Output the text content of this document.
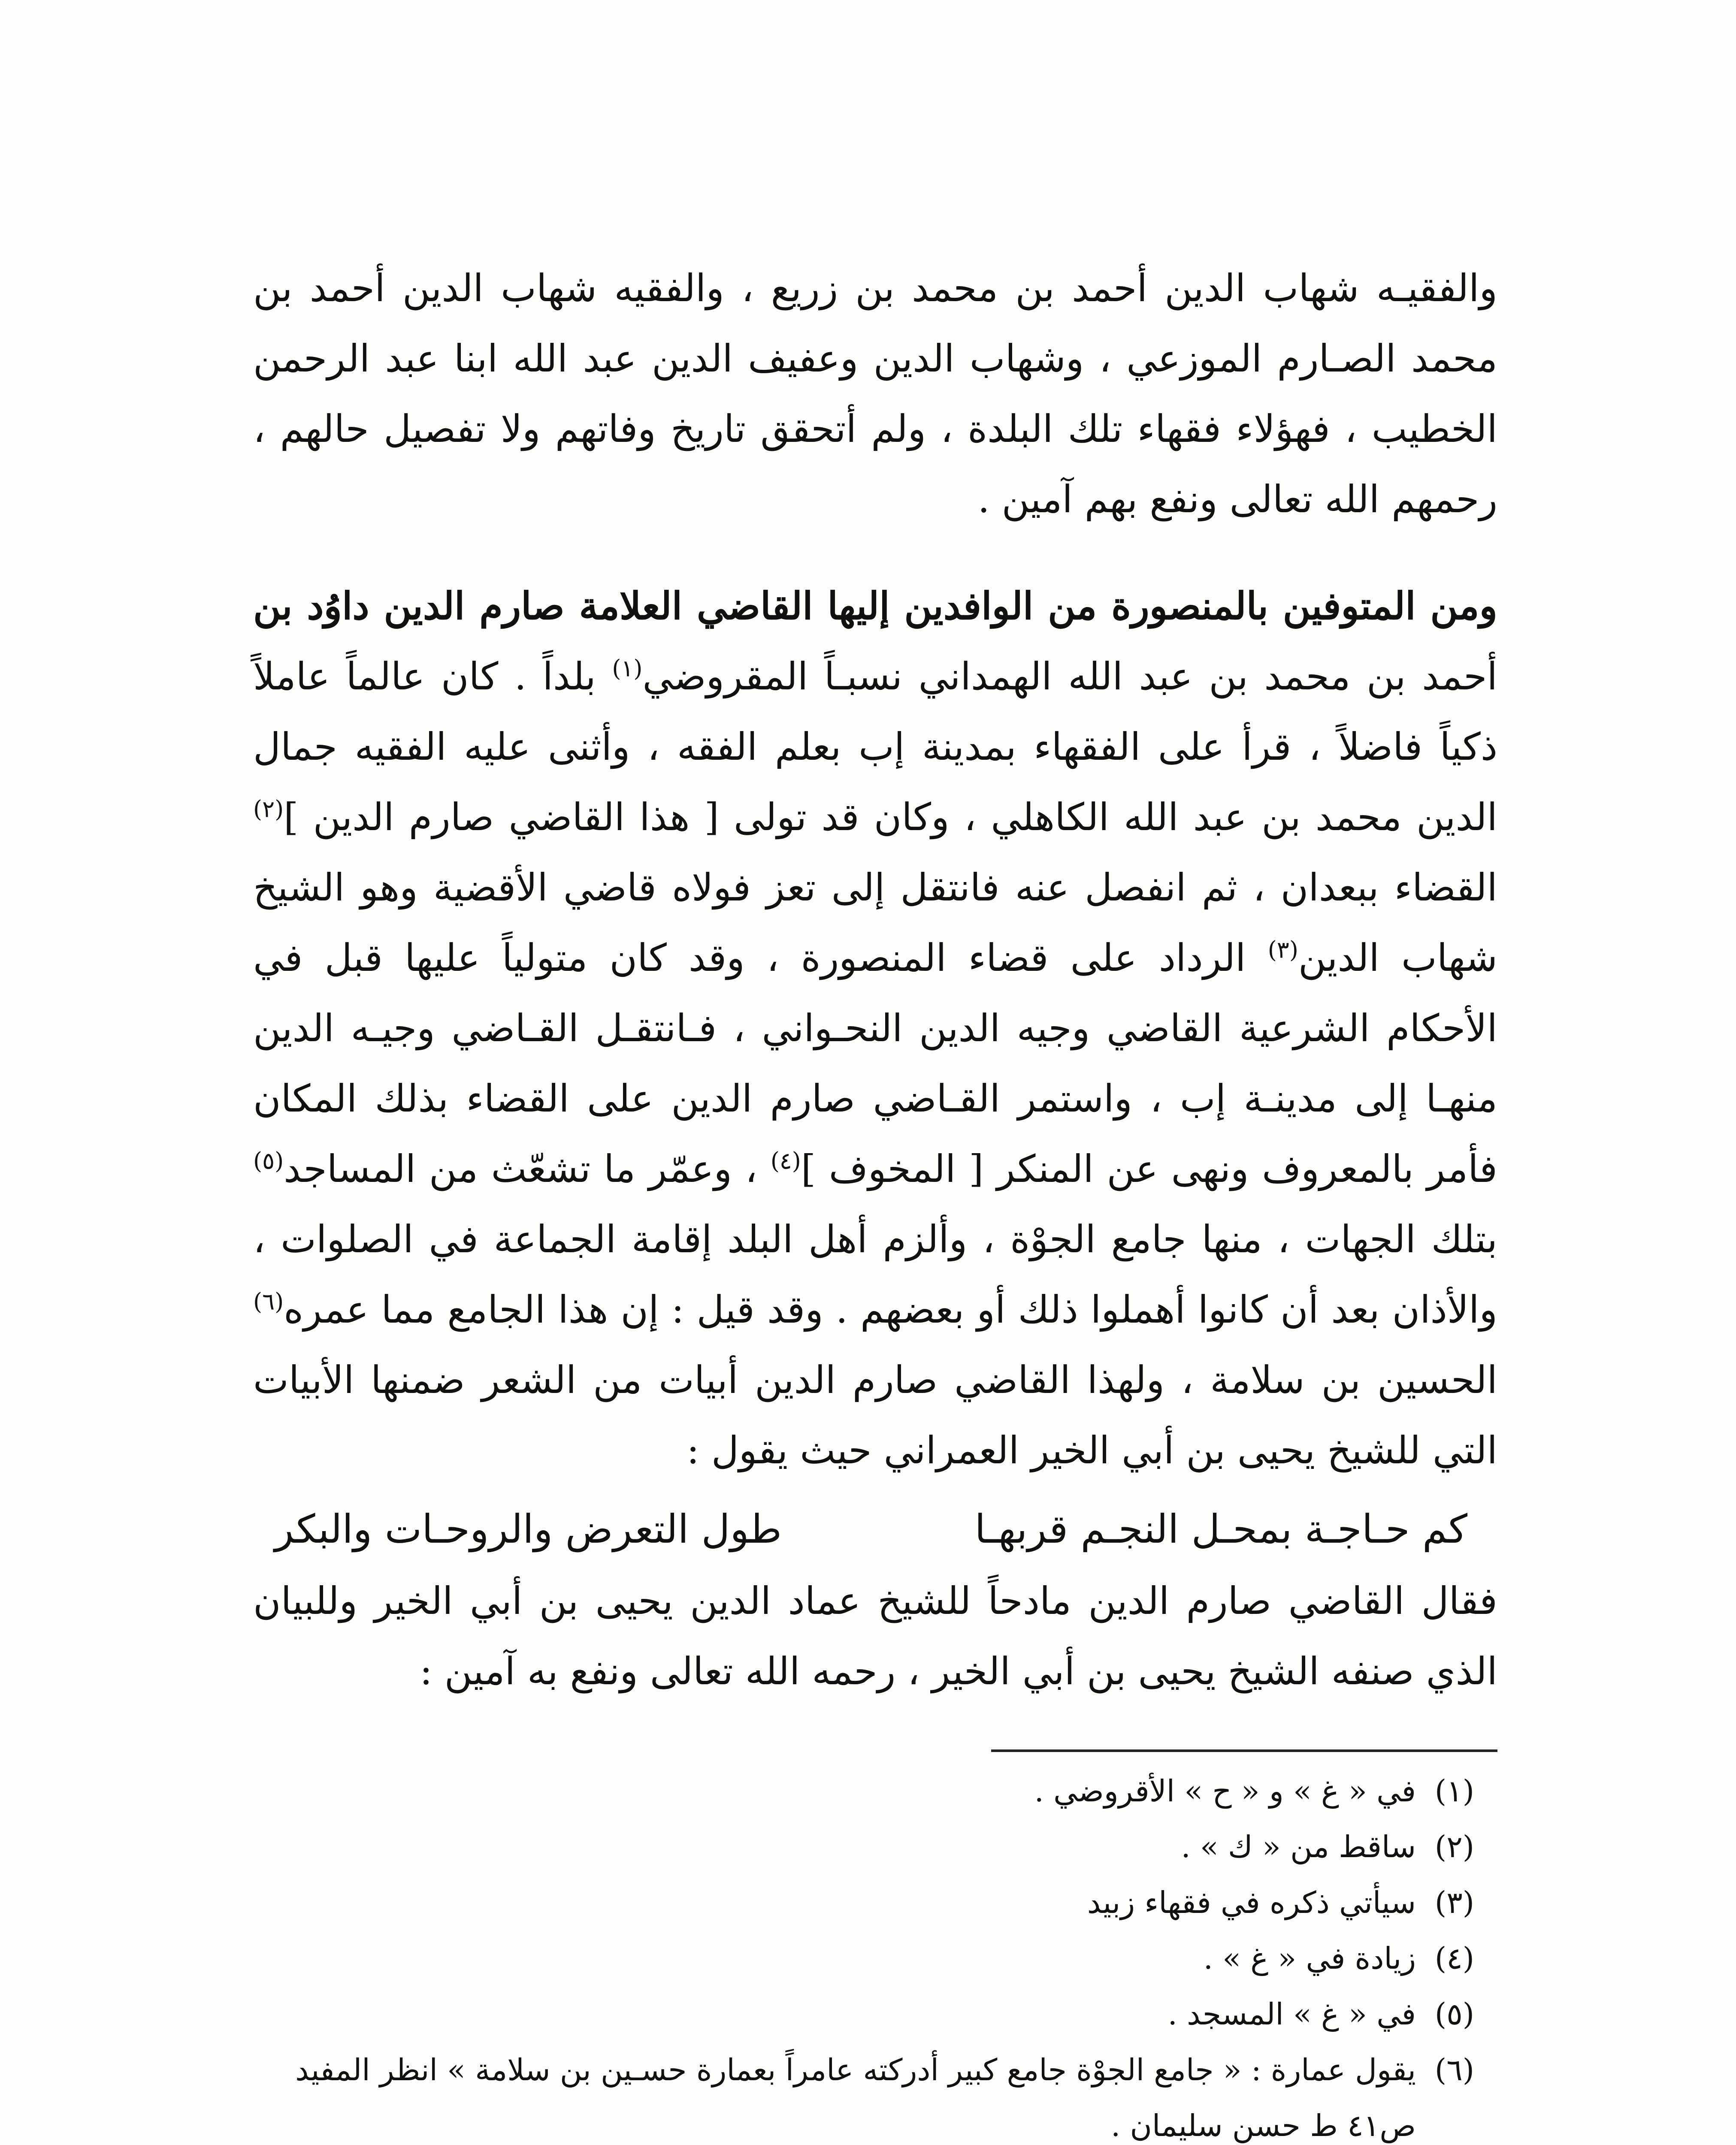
والفقيـه شهاب الدين أحمد بن محمد بن زريع ، والفقيه شهاب الدين أحمد بن محمد الصـارم الموزعي ، وشهاب الدين وعفيف الدين عبد الله ابنا عبد الرحمن الخطيب ، فهؤلاء فقهاء تلك البلدة ، ولم أتحقق تاريخ وفاتهم ولا تفصيل حالهم ، رحمهم الله تعالى ونفع بهم آمين .

ومن المتوفين بالمنصورة من الوافدين إليها القاضي العلامة صارم الدين داوُد بن أحمد بن محمد بن عبد الله الهمداني نسبـاً المقروضي$^{(١)}$ بلداً . كان عالماً عاملاً ذكياً فاضلاً ، قرأ على الفقهاء بمدينة إب بعلم الفقه ، وأثنى عليه الفقيه جمال الدين محمد بن عبد الله الكاهلي ، وكان قد تولى [ هذا القاضي صارم الدين ]$^{(٢)}$ القضاء ببعدان ، ثم انفصل عنه فانتقل إلى تعز فولاه قاضي الأقضية وهو الشيخ شهاب الدين$^{(٣)}$ الرداد على قضاء المنصورة ، وقد كان متولياً عليها قبل في الأحكام الشرعية القاضي وجيه الدين النحـواني ، فـانتقـل القـاضي وجيـه الدين منهـا إلى مدينـة إب ، واستمر القـاضي صارم الدين على القضاء بذلك المكان فأمر بالمعروف ونهى عن المنكر [ المخوف ]$^{(٤)}$ ، وعمّر ما تشعّث من المساجد$^{(٥)}$ بتلك الجهات ، منها جامع الجوْة ، وألزم أهل البلد إقامة الجماعة في الصلوات ، والأذان بعد أن كانوا أهملوا ذلك أو بعضهم . وقد قيل : إن هذا الجامع مما عمره$^{(٦)}$ الحسين بن سلامة ، ولهذا القاضي صارم الدين أبيات من الشعر ضمنها الأبيات التي للشيخ يحيى بن أبي الخير العمراني حيث يقول :

كم حـاجـة بمحـل النجـم قربهـا
طول التعرض والروحـات والبكر

فقال القاضي صارم الدين مادحاً للشيخ عماد الدين يحيى بن أبي الخير وللبيان الذي صنفه الشيخ يحيى بن أبي الخير ، رحمه الله تعالى ونفع به آمين :

(١)
في « غ » و « ح » الأقروضي .
(٢)
ساقط من « ك » .
(٣)
سيأتي ذكره في فقهاء زبيد
(٤)
زيادة في « غ » .
(٥)
في « غ » المسجد .
(٦)
يقول عمارة : « جامع الجوْة جامع كبير أدركته عامراً بعمارة حسـين بن سلامة » انظر المفيد ص٤١ ط حسن سليمان .
